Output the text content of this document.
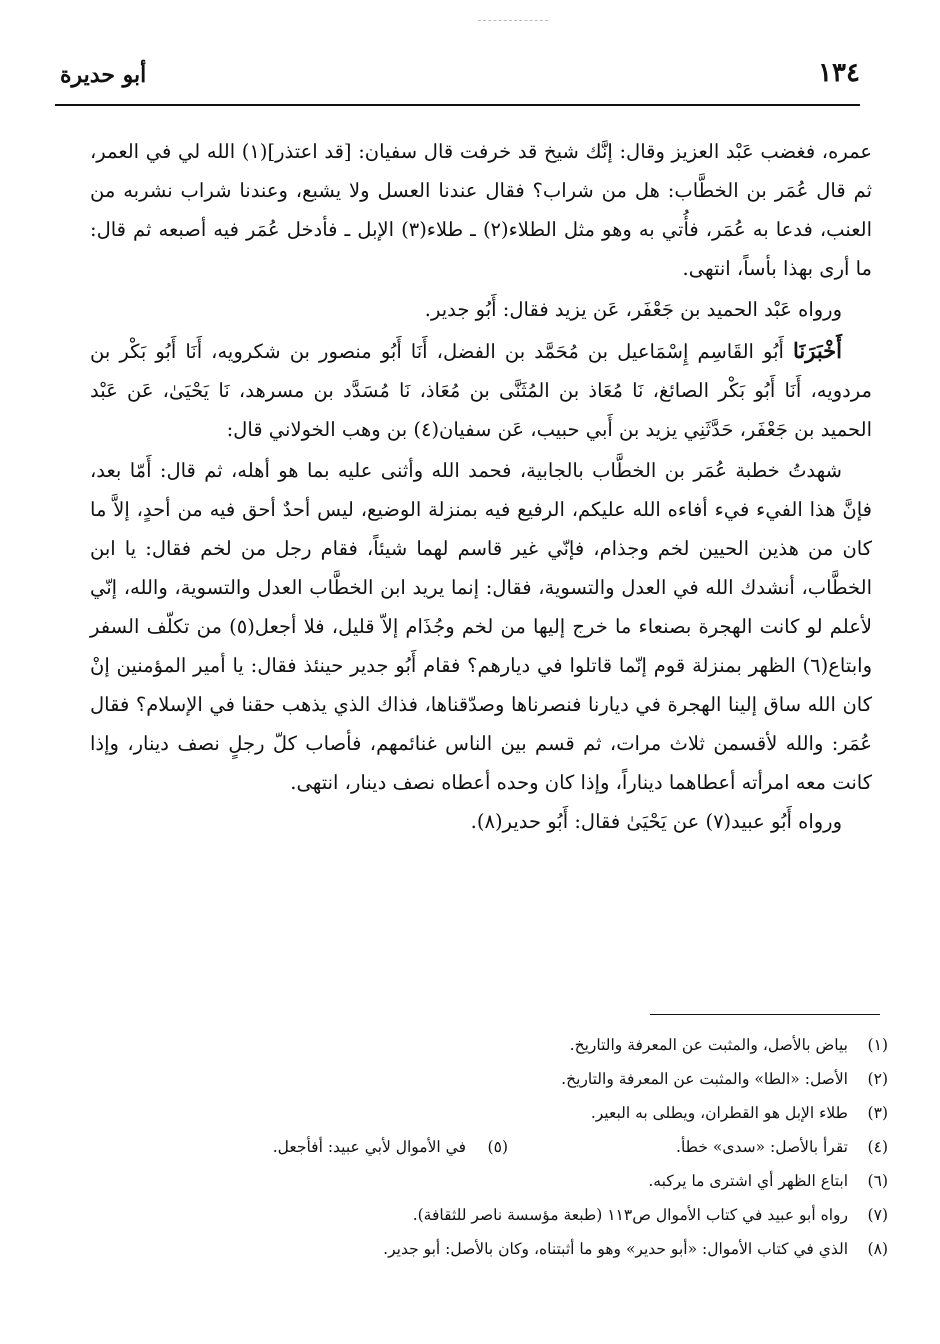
١٣٤
أبو حديرة

عمره، فغضب عَبْد العزيز وقال: إنَّك شيخ قد خرفت قال سفيان: [قد اعتذر](١) الله لي في العمر، ثم قال عُمَر بن الخطَّاب: هل من شراب؟ فقال عندنا العسل ولا يشبع، وعندنا شراب نشربه من العنب، فدعا به عُمَر، فأُتي به وهو مثل الطلاء(٢) ـ طلاء(٣) الإبل ـ فأدخل عُمَر فيه أصبعه ثم قال: ما أرى بهذا بأساً، انتهى.

ورواه عَبْد الحميد بن جَعْفَر، عَن يزيد فقال: أَبُو جدير.

أَخْبَرَنَا أَبُو القَاسِم إِسْمَاعيل بن مُحَمَّد بن الفضل، أَنَا أَبُو منصور بن شكرويه، أَنَا أَبُو بَكْر بن مردويه، أَنَا أَبُو بَكْر الصائغ، نَا مُعَاذ بن المُثَنَّى بن مُعَاذ، نَا مُسَدَّد بن مسرهد، نَا يَحْيَىٰ، عَن عَبْد الحميد بن جَعْفَر، حَدَّثَنِي يزيد بن أَبي حبيب، عَن سفيان(٤) بن وهب الخولاني قال:

شهدتُ خطبة عُمَر بن الخطَّاب بالجابية، فحمد الله وأثنى عليه بما هو أهله، ثم قال: أَمّا بعد، فإنَّ هذا الفيء فيء أفاءه الله عليكم، الرفيع فيه بمنزلة الوضيع، ليس أحدٌ أحق فيه من أحدٍ، إلاَّ ما كان من هذين الحيين لخم وجذام، فإنّي غير قاسم لهما شيئاً، فقام رجل من لخم فقال: يا ابن الخطَّاب، أنشدك الله في العدل والتسوية، فقال: إنما يريد ابن الخطَّاب العدل والتسوية، والله، إنّي لأعلم لو كانت الهجرة بصنعاء ما خرج إليها من لخم وجُذَام إلاّ قليل، فلا أجعل(٥) من تكلّف السفر وابتاع(٦) الظهر بمنزلة قوم إنّما قاتلوا في ديارهم؟ فقام أَبُو جدير حينئذ فقال: يا أمير المؤمنين إنْ كان الله ساق إلينا الهجرة في ديارنا فنصرناها وصدّقناها، فذاك الذي يذهب حقنا في الإسلام؟ فقال عُمَر: والله لأقسمن ثلاث مرات، ثم قسم بين الناس غنائمهم، فأصاب كلّ رجلٍ نصف دينار، وإذا كانت معه امرأته أعطاهما ديناراً، وإذا كان وحده أعطاه نصف دينار، انتهى.

ورواه أَبُو عبيد(٧) عن يَحْيَىٰ فقال: أَبُو حدير(٨).

(١)بياض بالأصل، والمثبت عن المعرفة والتاريخ.
(٢)الأصل: «الطا» والمثبت عن المعرفة والتاريخ.
(٣)طلاء الإبل هو القطران، ويطلى به البعير.
(٤)تقرأ بالأصل: «سدى» خطأ.
(٥)في الأموال لأبي عبيد: أفأجعل.
(٦)ابتاع الظهر أي اشترى ما يركبه.
(٧)رواه أبو عبيد في كتاب الأموال ص١١٣ (طبعة مؤسسة ناصر للثقافة).
(٨)الذي في كتاب الأموال: «أبو حدير» وهو ما أثبتناه، وكان بالأصل: أبو جدير.
